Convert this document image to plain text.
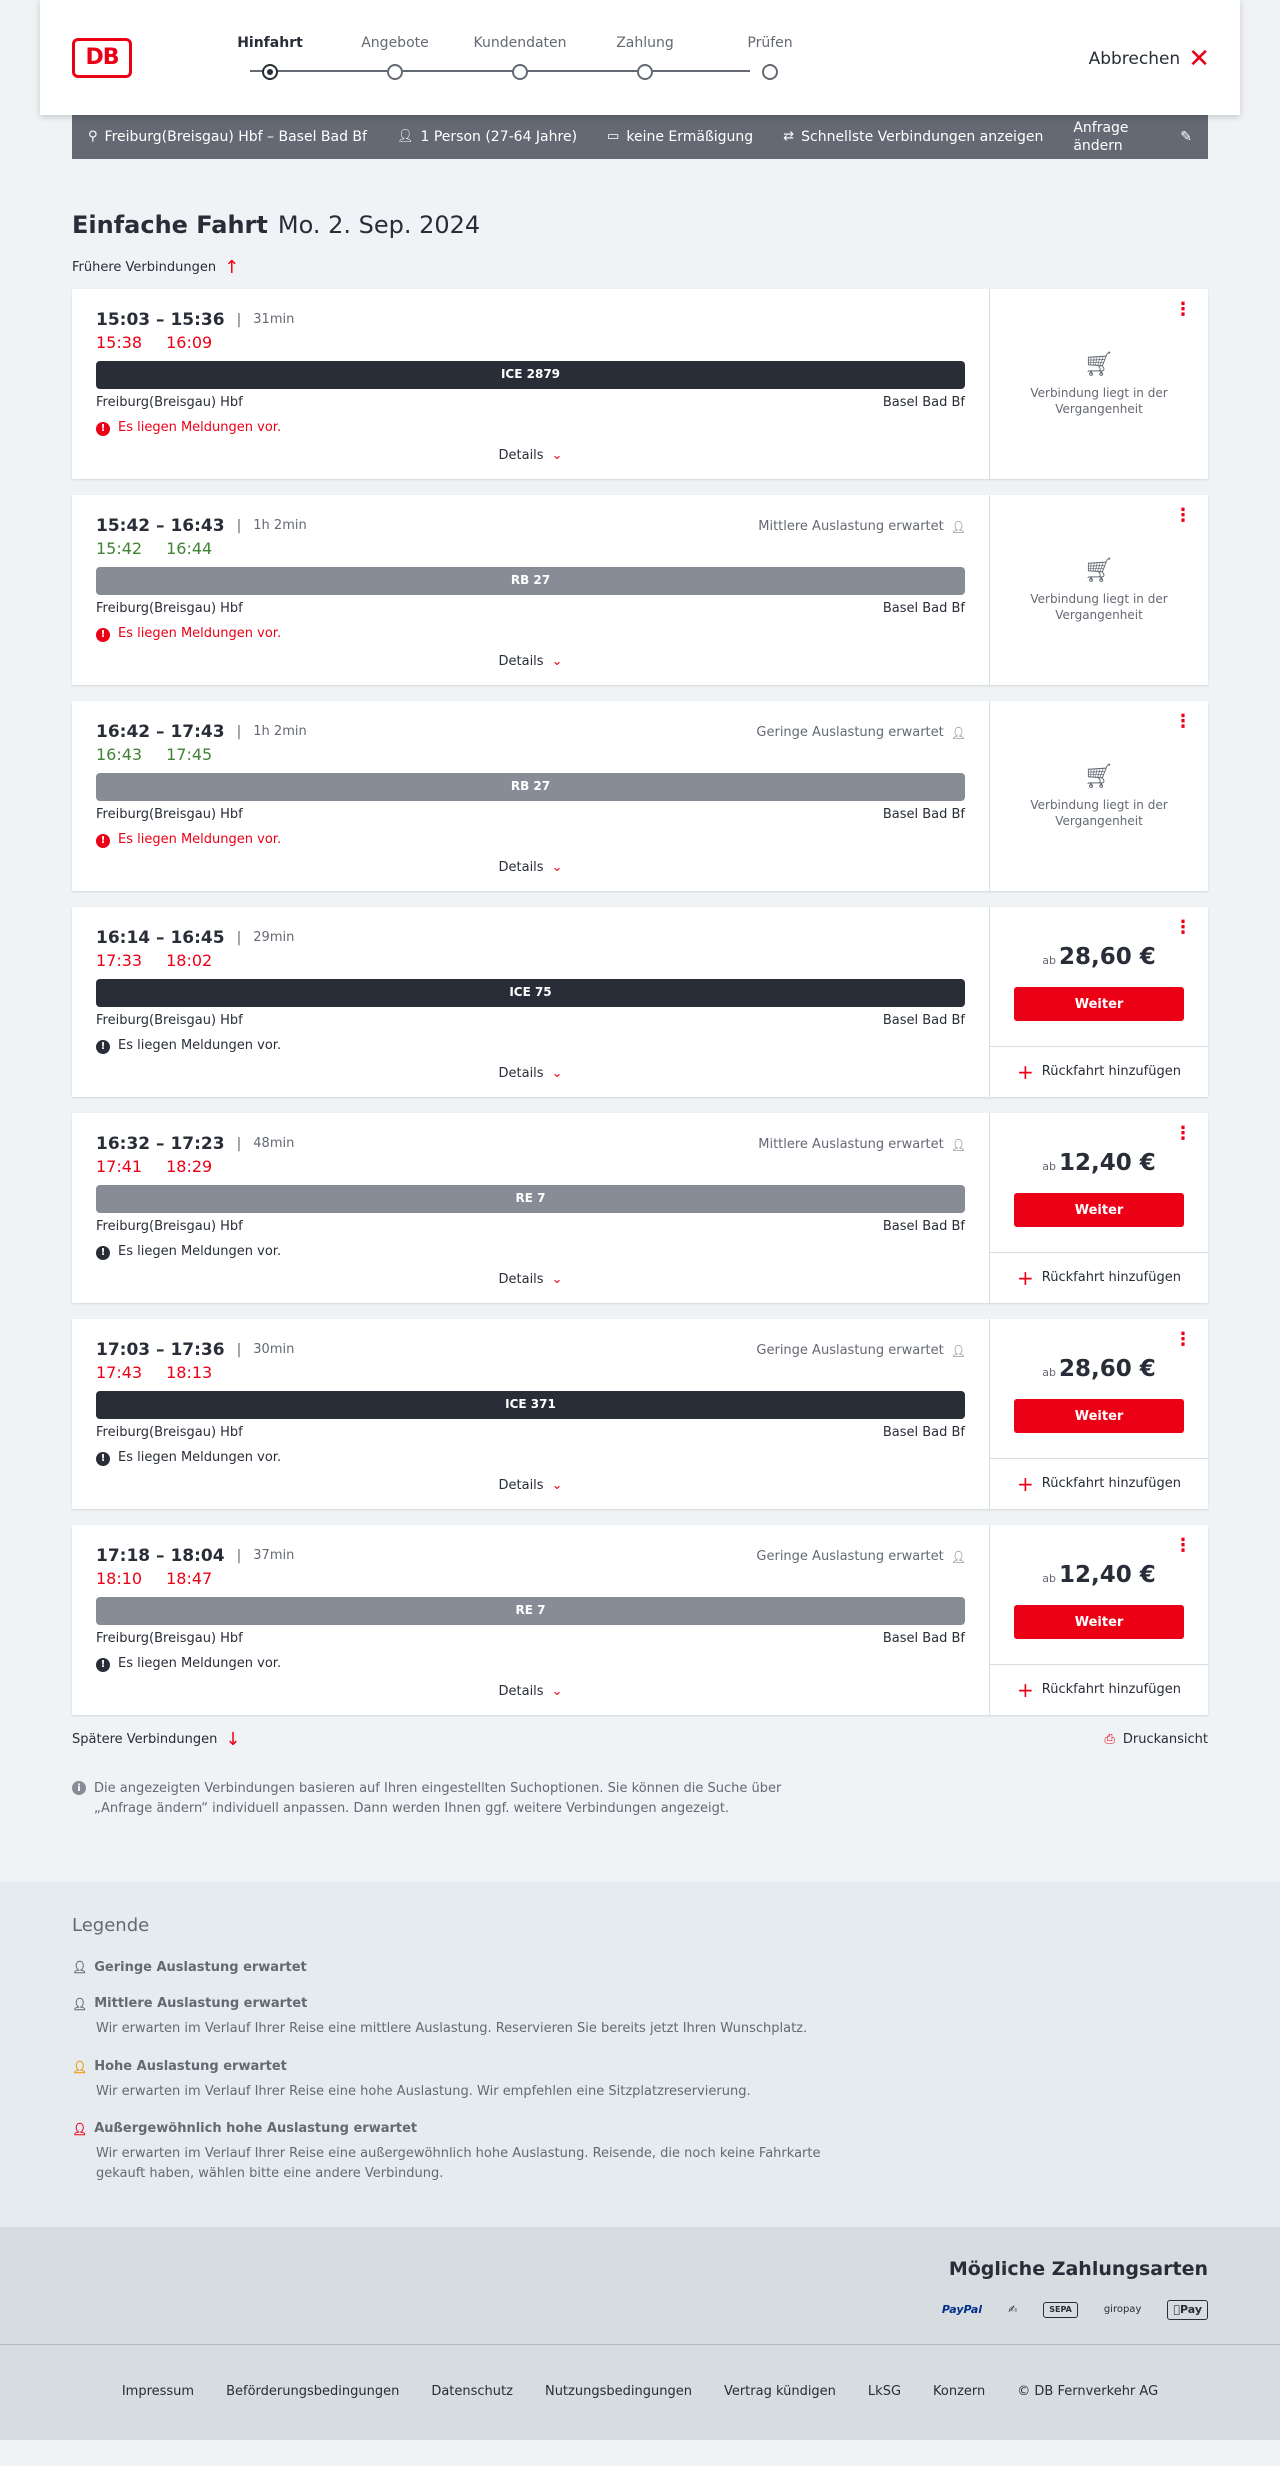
DB
Hinfahrt	Angebote	Kundendaten	Zahlung	Prüfen
Abbrechen ✕
⚲ Freiburg(Breisgau) Hbf – Basel Bad Bf 👤︎ 1 Person (27-64 Jahre) ▭ keine Ermäßigung ⇄ Schnellste Verbindungen anzeigen
Anfrage ändern
✎
Einfache Fahrt Mo. 2. Sep. 2024
Frühere Verbindungen ↑
15:03 – 15:36 | 31min
15:38 16:09
ICE 2879
Freiburg(Breisgau) Hbf	Basel Bad Bf
! Es liegen Meldungen vor.
Details ⌄
⋮
🛒︎
Verbindung liegt in der Vergangenheit
15:42 – 16:43 | 1h 2min	Mittlere Auslastung erwartet 👤︎
15:42 16:44
RB 27
Freiburg(Breisgau) Hbf	Basel Bad Bf
! Es liegen Meldungen vor.
Details ⌄
⋮
🛒︎
Verbindung liegt in der Vergangenheit
16:42 – 17:43 | 1h 2min	Geringe Auslastung erwartet 👤︎
16:43 17:45
RB 27
Freiburg(Breisgau) Hbf	Basel Bad Bf
! Es liegen Meldungen vor.
Details ⌄
⋮
🛒︎
Verbindung liegt in der Vergangenheit
16:14 – 16:45 | 29min
17:33 18:02
ICE 75
Freiburg(Breisgau) Hbf	Basel Bad Bf
! Es liegen Meldungen vor.
Details ⌄
⋮
ab 28,60 €
Weiter
+ Rückfahrt hinzufügen
16:32 – 17:23 | 48min	Mittlere Auslastung erwartet 👤︎
17:41 18:29
RE 7
Freiburg(Breisgau) Hbf	Basel Bad Bf
! Es liegen Meldungen vor.
Details ⌄
⋮
ab 12,40 €
Weiter
+ Rückfahrt hinzufügen
17:03 – 17:36 | 30min	Geringe Auslastung erwartet 👤︎
17:43 18:13
ICE 371
Freiburg(Breisgau) Hbf	Basel Bad Bf
! Es liegen Meldungen vor.
Details ⌄
⋮
ab 28,60 €
Weiter
+ Rückfahrt hinzufügen
17:18 – 18:04 | 37min	Geringe Auslastung erwartet 👤︎
18:10 18:47
RE 7
Freiburg(Breisgau) Hbf	Basel Bad Bf
! Es liegen Meldungen vor.
Details ⌄
⋮
ab 12,40 €
Weiter
+ Rückfahrt hinzufügen
Spätere Verbindungen ↓	⎙ Druckansicht
i	Die angezeigten Verbindungen basieren auf Ihren eingestellten Suchoptionen. Sie können die Suche über „Anfrage ändern“ individuell anpassen. Dann werden Ihnen ggf. weitere Verbindungen angezeigt.
Legende
👤︎ Geringe Auslastung erwartet
👤︎ Mittlere Auslastung erwartet
Wir erwarten im Verlauf Ihrer Reise eine mittlere Auslastung. Reservieren Sie bereits jetzt Ihren Wunschplatz.
👤︎ Hohe Auslastung erwartet
Wir erwarten im Verlauf Ihrer Reise eine hohe Auslastung. Wir empfehlen eine Sitzplatzreservierung.
👤︎ Außergewöhnlich hohe Auslastung erwartet
Wir erwarten im Verlauf Ihrer Reise eine außergewöhnlich hohe Auslastung. Reisende, die noch keine Fahrkarte gekauft haben, wählen bitte eine andere Verbindung.
Mögliche Zahlungsarten
PayPal	✍	SEPA	giropay	Pay
Impressum Beförderungsbedingungen Datenschutz Nutzungsbedingungen Vertrag kündigen LkSG Konzern © DB Fernverkehr AG
